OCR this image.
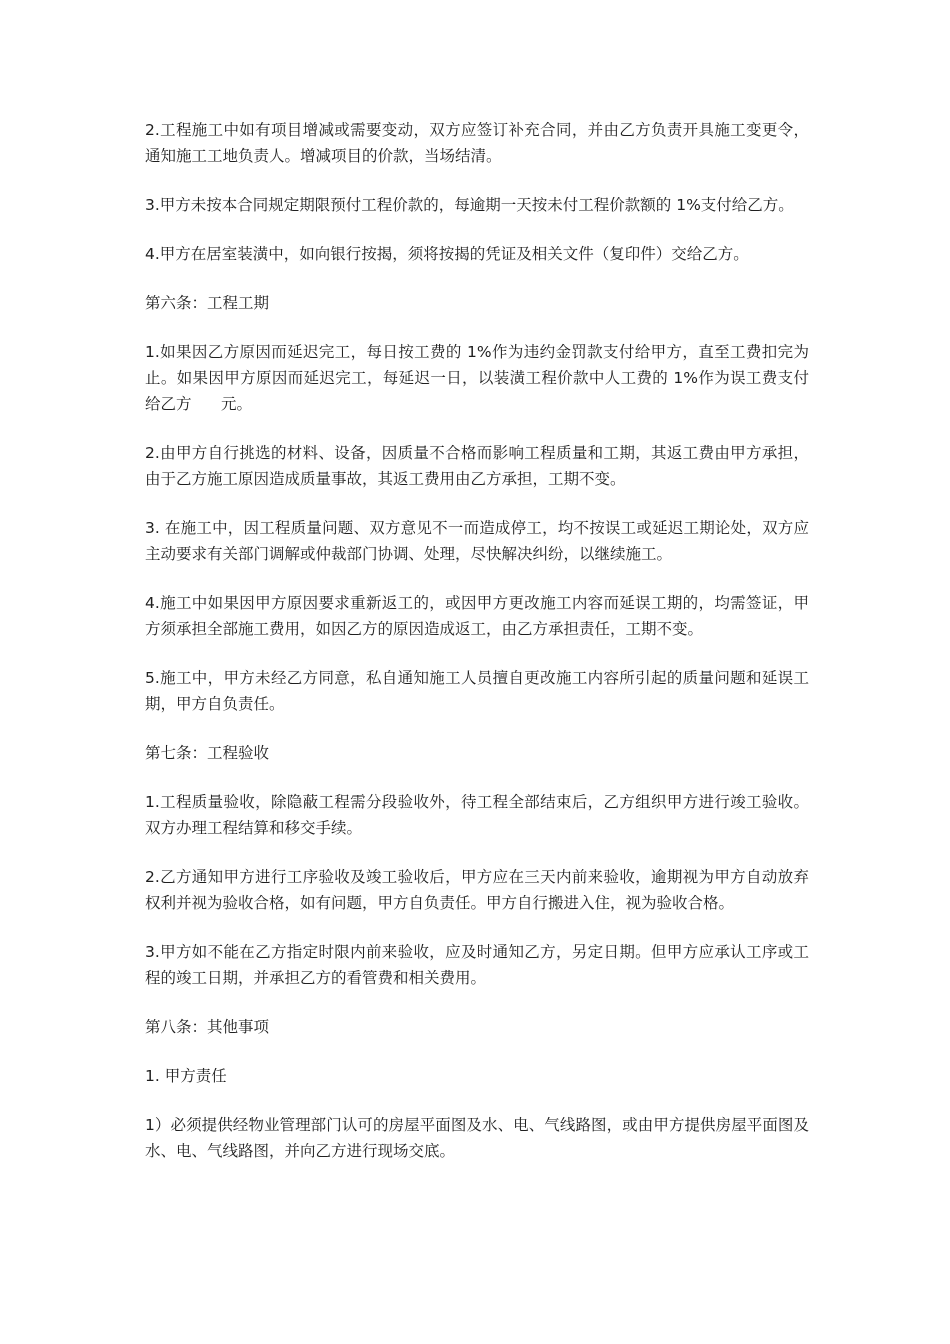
2.工程施工中如有项目增减或需要变动，双方应签订补充合同，并由乙方负责开具施工变更令，通知施工工地负责人。增减项目的价款，当场结清。

3.甲方未按本合同规定期限预付工程价款的，每逾期一天按未付工程价款额的 1%支付给乙方。

4.甲方在居室装潢中，如向银行按揭，须将按揭的凭证及相关文件（复印件）交给乙方。

第六条：工程工期

1.如果因乙方原因而延迟完工，每日按工费的 1%作为违约金罚款支付给甲方，直至工费扣完为止。如果因甲方原因而延迟完工，每延迟一日，以装潢工程价款中人工费的 1%作为误工费支付给乙方      元。

2.由甲方自行挑选的材料、设备，因质量不合格而影响工程质量和工期，其返工费由甲方承担，由于乙方施工原因造成质量事故，其返工费用由乙方承担，工期不变。

3. 在施工中，因工程质量问题、双方意见不一而造成停工，均不按误工或延迟工期论处，双方应主动要求有关部门调解或仲裁部门协调、处理，尽快解决纠纷，以继续施工。

4.施工中如果因甲方原因要求重新返工的，或因甲方更改施工内容而延误工期的，均需签证，甲方须承担全部施工费用，如因乙方的原因造成返工，由乙方承担责任，工期不变。

5.施工中，甲方未经乙方同意，私自通知施工人员擅自更改施工内容所引起的质量问题和延误工期，甲方自负责任。

第七条：工程验收

1.工程质量验收，除隐蔽工程需分段验收外，待工程全部结束后，乙方组织甲方进行竣工验收。双方办理工程结算和移交手续。

2.乙方通知甲方进行工序验收及竣工验收后，甲方应在三天内前来验收，逾期视为甲方自动放弃权利并视为验收合格，如有问题，甲方自负责任。甲方自行搬进入住，视为验收合格。

3.甲方如不能在乙方指定时限内前来验收，应及时通知乙方，另定日期。但甲方应承认工序或工程的竣工日期，并承担乙方的看管费和相关费用。

第八条：其他事项

1. 甲方责任

1）必须提供经物业管理部门认可的房屋平面图及水、电、气线路图，或由甲方提供房屋平面图及水、电、气线路图，并向乙方进行现场交底。
